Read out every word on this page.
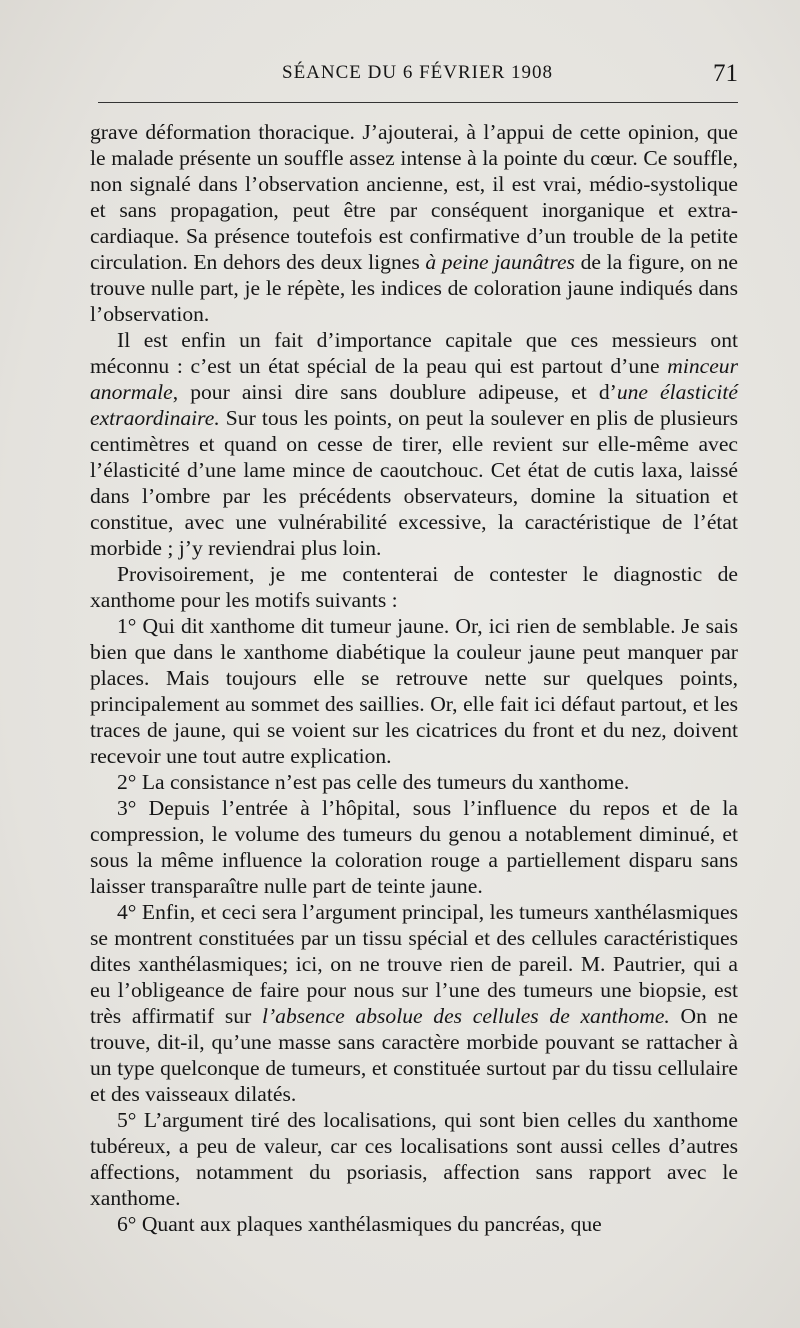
SÉANCE DU 6 FÉVRIER 1908	71

grave déformation thoracique. J’ajouterai, à l’appui de cette opinion, que le malade présente un souffle assez intense à la pointe du cœur. Ce souffle, non signalé dans l’observation ancienne, est, il est vrai, médio-systolique et sans propagation, peut être par conséquent inorganique et extra-cardiaque. Sa présence toutefois est confirmative d’un trouble de la petite circulation. En dehors des deux lignes à peine jaunâtres de la figure, on ne trouve nulle part, je le répète, les indices de coloration jaune indiqués dans l’observation.

Il est enfin un fait d’importance capitale que ces messieurs ont méconnu : c’est un état spécial de la peau qui est partout d’une minceur anormale, pour ainsi dire sans doublure adipeuse, et d’une élasticité extraordinaire. Sur tous les points, on peut la soulever en plis de plusieurs centimètres et quand on cesse de tirer, elle revient sur elle-même avec l’élasticité d’une lame mince de caoutchouc. Cet état de cutis laxa, laissé dans l’ombre par les précédents observateurs, domine la situation et constitue, avec une vulnérabilité excessive, la caractéristique de l’état morbide ; j’y reviendrai plus loin.

Provisoirement, je me contenterai de contester le diagnostic de xanthome pour les motifs suivants :

1° Qui dit xanthome dit tumeur jaune. Or, ici rien de semblable. Je sais bien que dans le xanthome diabétique la couleur jaune peut manquer par places. Mais toujours elle se retrouve nette sur quelques points, principalement au sommet des saillies. Or, elle fait ici défaut partout, et les traces de jaune, qui se voient sur les cicatrices du front et du nez, doivent recevoir une tout autre explication.

2° La consistance n’est pas celle des tumeurs du xanthome.

3° Depuis l’entrée à l’hôpital, sous l’influence du repos et de la compression, le volume des tumeurs du genou a notablement diminué, et sous la même influence la coloration rouge a partiellement disparu sans laisser transparaître nulle part de teinte jaune.

4° Enfin, et ceci sera l’argument principal, les tumeurs xanthélasmiques se montrent constituées par un tissu spécial et des cellules caractéristiques dites xanthélasmiques; ici, on ne trouve rien de pareil. M. Pautrier, qui a eu l’obligeance de faire pour nous sur l’une des tumeurs une biopsie, est très affirmatif sur l’absence absolue des cellules de xanthome. On ne trouve, dit-il, qu’une masse sans caractère morbide pouvant se rattacher à un type quelconque de tumeurs, et constituée surtout par du tissu cellulaire et des vaisseaux dilatés.

5° L’argument tiré des localisations, qui sont bien celles du xanthome tubéreux, a peu de valeur, car ces localisations sont aussi celles d’autres affections, notamment du psoriasis, affection sans rapport avec le xanthome.

6° Quant aux plaques xanthélasmiques du pancréas, que
